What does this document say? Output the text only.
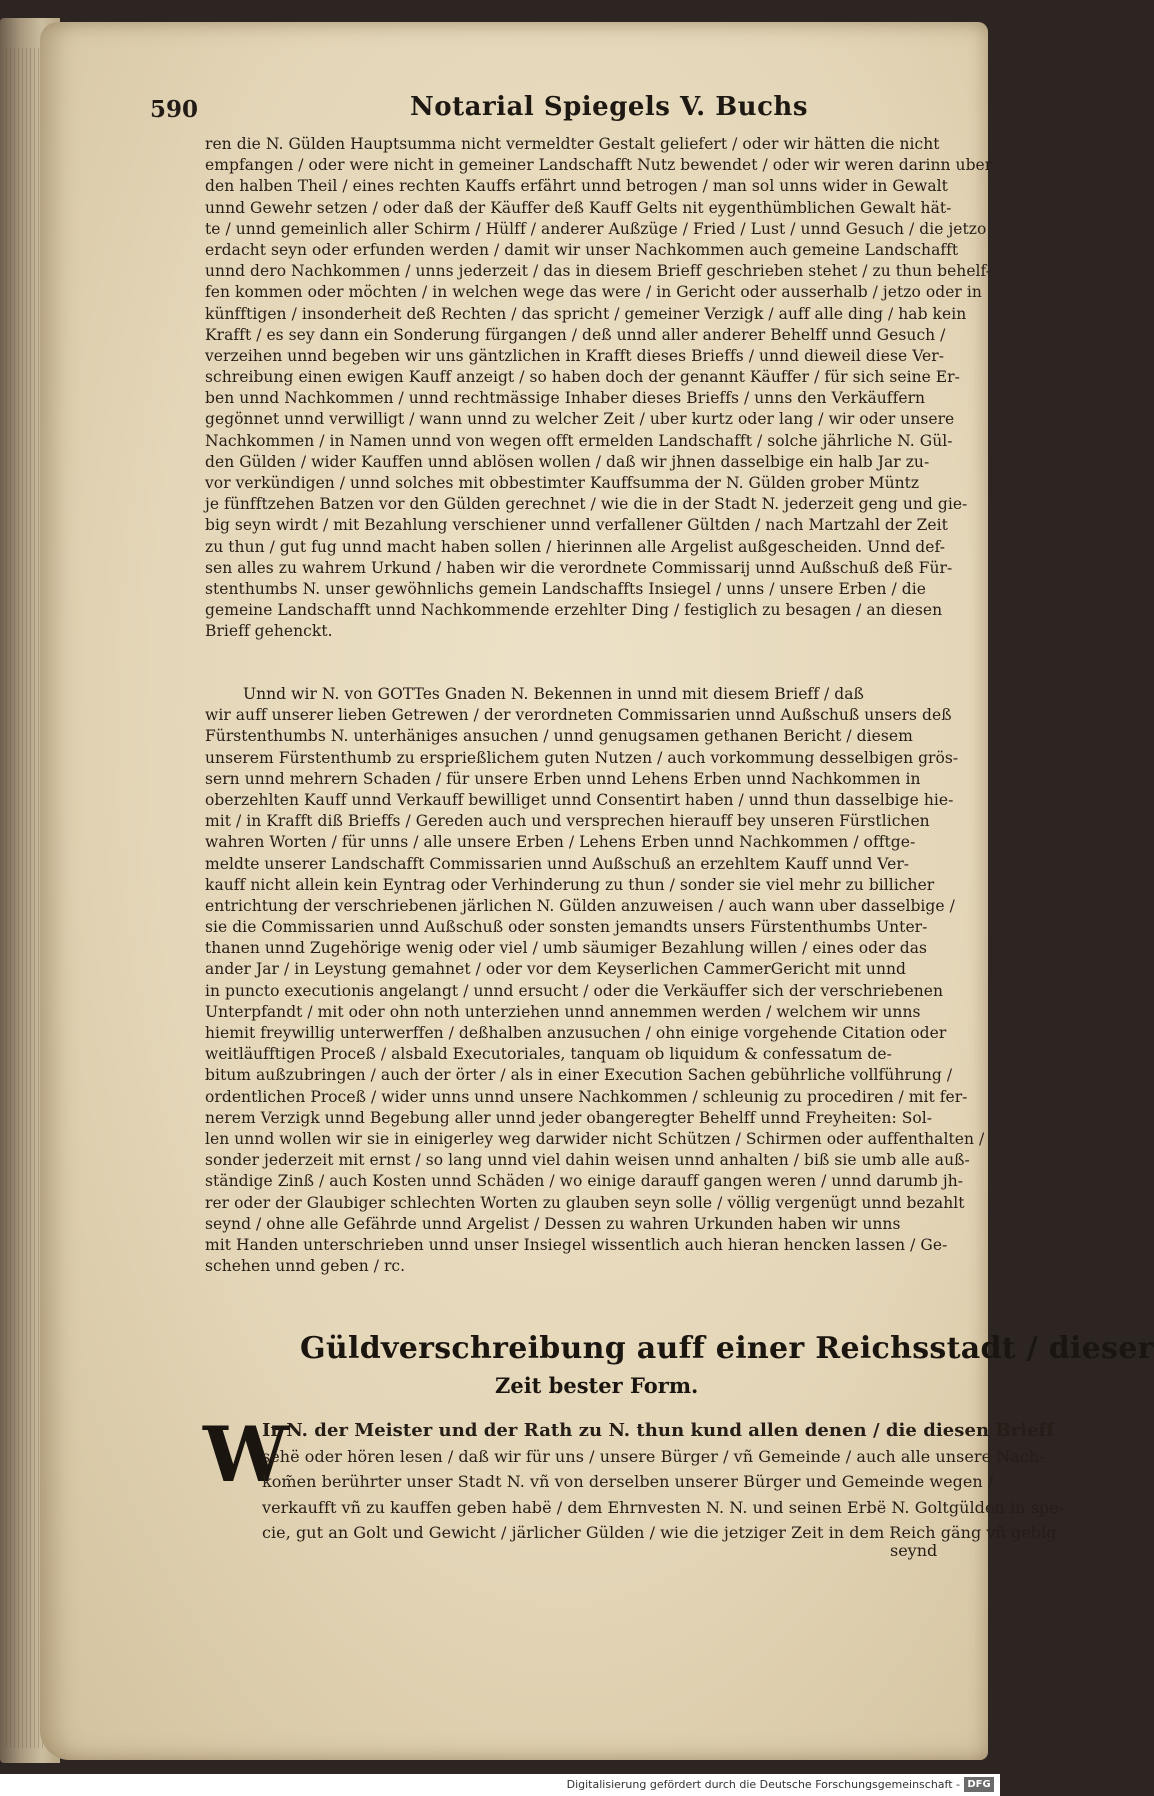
590	Notarial Spiegels V. Buchs
ren die N. Gülden Hauptsumma nicht vermeldter Gestalt geliefert / oder wir hätten die nicht
empfangen / oder were nicht in gemeiner Landschafft Nutz bewendet / oder wir weren darinn uber
den halben Theil / eines rechten Kauffs erfährt unnd betrogen / man sol unns wider in Gewalt
unnd Gewehr setzen / oder daß der Käuffer deß Kauff Gelts nit eygenthümblichen Gewalt hät-
te / unnd gemeinlich aller Schirm / Hülff / anderer Außzüge / Fried / Lust / unnd Gesuch / die jetzo
erdacht seyn oder erfunden werden / damit wir unser Nachkommen auch gemeine Landschafft
unnd dero Nachkommen / unns jederzeit / das in diesem Brieff geschrieben stehet / zu thun behelf-
fen kommen oder möchten / in welchen wege das were / in Gericht oder ausserhalb / jetzo oder in
künfftigen / insonderheit deß Rechten / das spricht / gemeiner Verzigk / auff alle ding / hab kein
Krafft / es sey dann ein Sonderung fürgangen / deß unnd aller anderer Behelff unnd Gesuch /
verzeihen unnd begeben wir uns gäntzlichen in Krafft dieses Brieffs / unnd dieweil diese Ver-
schreibung einen ewigen Kauff anzeigt / so haben doch der genannt Käuffer / für sich seine Er-
ben unnd Nachkommen / unnd rechtmässige Inhaber dieses Brieffs / unns den Verkäuffern
gegönnet unnd verwilligt / wann unnd zu welcher Zeit / uber kurtz oder lang / wir oder unsere
Nachkommen / in Namen unnd von wegen offt ermelden Landschafft / solche jährliche N. Gül-
den Gülden / wider Kauffen unnd ablösen wollen / daß wir jhnen dasselbige ein halb Jar zu-
vor verkündigen / unnd solches mit obbestimter Kauffsumma der N. Gülden grober Müntz
je fünfftzehen Batzen vor den Gülden gerechnet / wie die in der Stadt N. jederzeit geng und gie-
big seyn wirdt / mit Bezahlung verschiener unnd verfallener Gültden / nach Martzahl der Zeit
zu thun / gut fug unnd macht haben sollen / hierinnen alle Argelist außgescheiden. Unnd def-
sen alles zu wahrem Urkund / haben wir die verordnete Commissarij unnd Außschuß deß Für-
stenthumbs N. unser gewöhnlichs gemein Landschaffts Insiegel / unns / unsere Erben / die
gemeine Landschafft unnd Nachkommende erzehlter Ding / festiglich zu besagen / an diesen
Brieff gehenckt.
Unnd wir N. von GOTTes Gnaden N. Bekennen in unnd mit diesem Brieff / daß
wir auff unserer lieben Getrewen / der verordneten Commissarien unnd Außschuß unsers deß
Fürstenthumbs N. unterhäniges ansuchen / unnd genugsamen gethanen Bericht / diesem
unserem Fürstenthumb zu ersprießlichem guten Nutzen / auch vorkommung desselbigen grös-
sern unnd mehrern Schaden / für unsere Erben unnd Lehens Erben unnd Nachkommen in
oberzehlten Kauff unnd Verkauff bewilliget unnd Consentirt haben / unnd thun dasselbige hie-
mit / in Krafft diß Brieffs / Gereden auch und versprechen hierauff bey unseren Fürstlichen
wahren Worten / für unns / alle unsere Erben / Lehens Erben unnd Nachkommen / offtge-
meldte unserer Landschafft Commissarien unnd Außschuß an erzehltem Kauff unnd Ver-
kauff nicht allein kein Eyntrag oder Verhinderung zu thun / sonder sie viel mehr zu billicher
entrichtung der verschriebenen järlichen N. Gülden anzuweisen / auch wann uber dasselbige /
sie die Commissarien unnd Außschuß oder sonsten jemandts unsers Fürstenthumbs Unter-
thanen unnd Zugehörige wenig oder viel / umb säumiger Bezahlung willen / eines oder das
ander Jar / in Leystung gemahnet / oder vor dem Keyserlichen CammerGericht mit unnd
in puncto executionis angelangt / unnd ersucht / oder die Verkäuffer sich der verschriebenen
Unterpfandt / mit oder ohn noth unterziehen unnd annemmen werden / welchem wir unns
hiemit freywillig unterwerffen / deßhalben anzusuchen / ohn einige vorgehende Citation oder
weitläufftigen Proceß / alsbald Executoriales, tanquam ob liquidum & confessatum de-
bitum außzubringen / auch der örter / als in einer Execution Sachen gebührliche vollführung /
ordentlichen Proceß / wider unns unnd unsere Nachkommen / schleunig zu procediren / mit fer-
nerem Verzigk unnd Begebung aller unnd jeder obangeregter Behelff unnd Freyheiten: Sol-
len unnd wollen wir sie in einigerley weg darwider nicht Schützen / Schirmen oder auffenthalten /
sonder jederzeit mit ernst / so lang unnd viel dahin weisen unnd anhalten / biß sie umb alle auß-
ständige Zinß / auch Kosten unnd Schäden / wo einige darauff gangen weren / unnd darumb jh-
rer oder der Glaubiger schlechten Worten zu glauben seyn solle / völlig vergenügt unnd bezahlt
seynd / ohne alle Gefährde unnd Argelist / Dessen zu wahren Urkunden haben wir unns
mit Handen unterschrieben unnd unser Insiegel wissentlich auch hieran hencken lassen / Ge-
schehen unnd geben / rc.
Güldverschreibung auff einer Reichsstadt / dieser
Zeit bester Form.
W
Ir N. der Meister und der Rath zu N. thun kund allen denen / die diesen Brieff
sehë oder hören lesen / daß wir für uns / unsere Bürger / vñ Gemeinde / auch alle unsere Nach-
kom̃en berührter unser Stadt N. vñ von derselben unserer Bürger und Gemeinde wegen /
verkaufft vñ zu kauffen geben habë / dem Ehrnvesten N. N. und seinen Erbë N. Goltgülden in spe-
cie, gut an Golt und Gewicht / järlicher Gülden / wie die jetziger Zeit in dem Reich gäng vñ geblg
seynd
Digitalisierung gefördert durch die Deutsche Forschungsgemeinschaft - DFG
